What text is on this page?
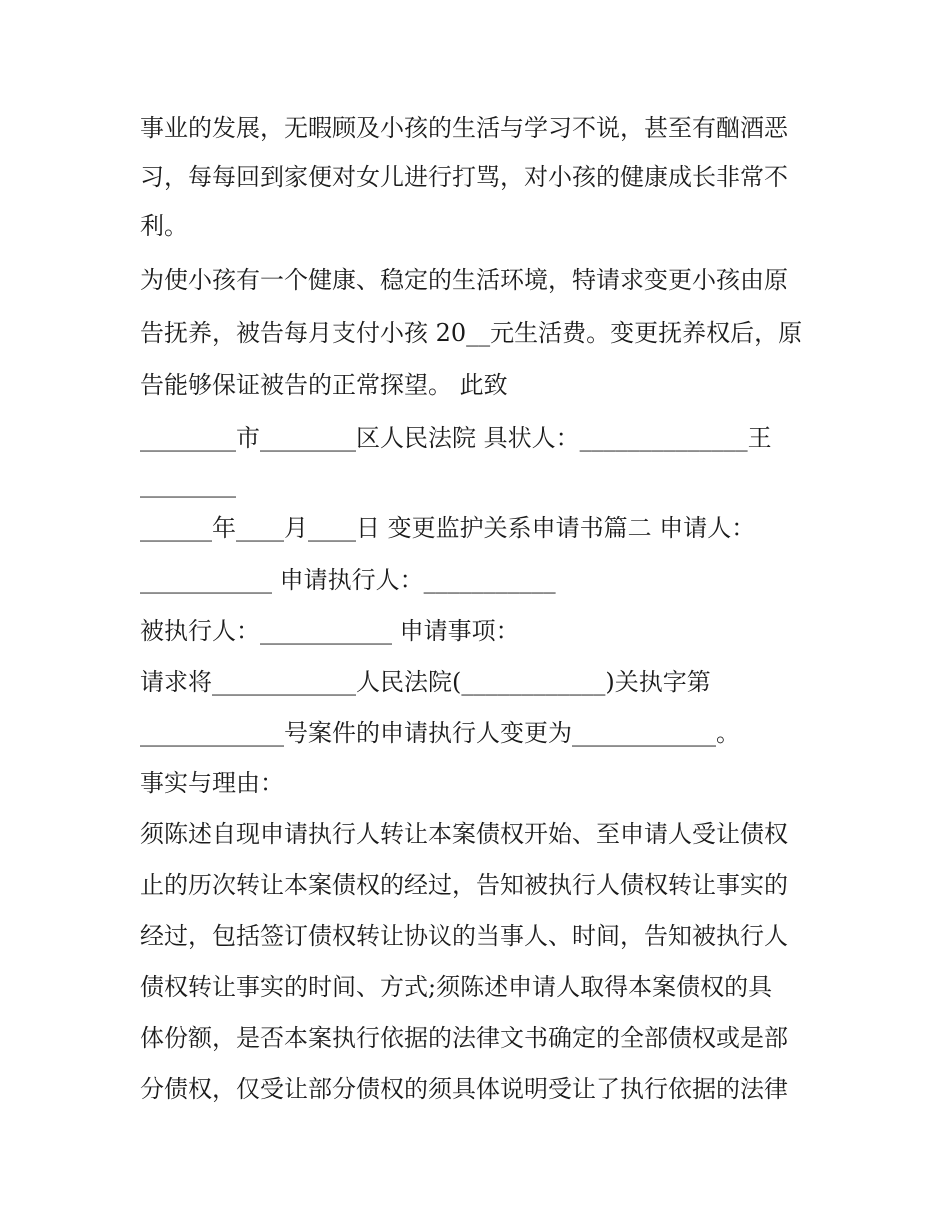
事业的发展，无暇顾及小孩的生活与学习不说，甚至有酗酒恶
习，每每回到家便对女儿进行打骂，对小孩的健康成长非常不
利。
为使小孩有一个健康、稳定的生活环境，特请求变更小孩由原
告抚养，被告每月支付小孩 20__元生活费。变更抚养权后，原
告能够保证被告的正常探望。 此致
________市________区人民法院 具状人：______________王
________
______年____月____日 变更监护关系申请书篇二 申请人：
___________ 申请执行人：___________
被执行人：___________ 申请事项：
请求将____________人民法院(____________)关执字第
____________号案件的申请执行人变更为____________。
事实与理由：
须陈述自现申请执行人转让本案债权开始、至申请人受让债权
止的历次转让本案债权的经过，告知被执行人债权转让事实的
经过，包括签订债权转让协议的当事人、时间，告知被执行人
债权转让事实的时间、方式;须陈述申请人取得本案债权的具
体份额，是否本案执行依据的法律文书确定的全部债权或是部
分债权，仅受让部分债权的须具体说明受让了执行依据的法律
